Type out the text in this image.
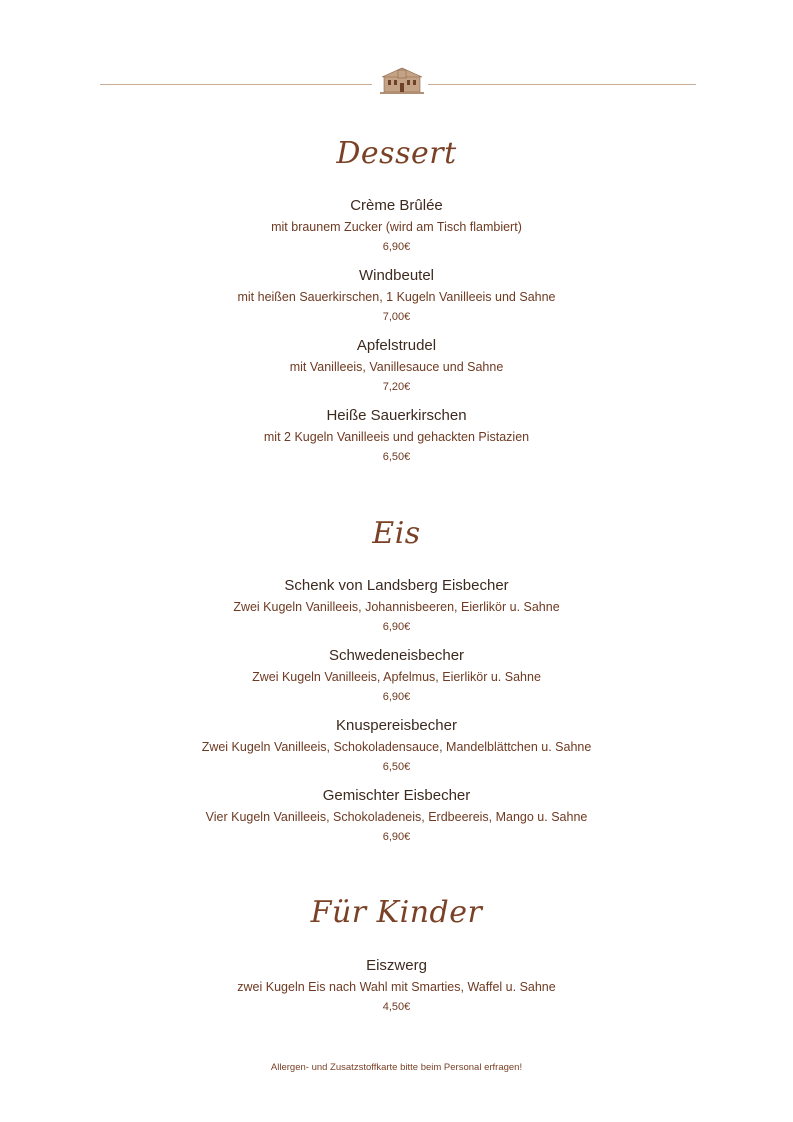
Dessert
Crème Brûlée
mit braunem Zucker (wird am Tisch flambiert)
6,90€
Windbeutel
mit heißen Sauerkirschen, 1 Kugeln Vanilleeis und Sahne
7,00€
Apfelstrudel
mit Vanilleeis, Vanillesauce und Sahne
7,20€
Heiße Sauerkirschen
mit 2 Kugeln Vanilleeis und gehackten Pistazien
6,50€
Eis
Schenk von Landsberg Eisbecher
Zwei Kugeln Vanilleeis, Johannisbeeren, Eierlikör u. Sahne
6,90€
Schwedeneisbecher
Zwei Kugeln Vanilleeis, Apfelmus, Eierlikör u. Sahne
6,90€
Knuspereisbecher
Zwei Kugeln Vanilleeis, Schokoladensauce, Mandelblättchen u. Sahne
6,50€
Gemischter Eisbecher
Vier Kugeln Vanilleeis, Schokoladeneis, Erdbeereis, Mango u. Sahne
6,90€
Für Kinder
Eiszwerg
zwei Kugeln Eis nach Wahl mit Smarties, Waffel u. Sahne
4,50€
Allergen- und Zusatzstoffkarte bitte beim Personal erfragen!
